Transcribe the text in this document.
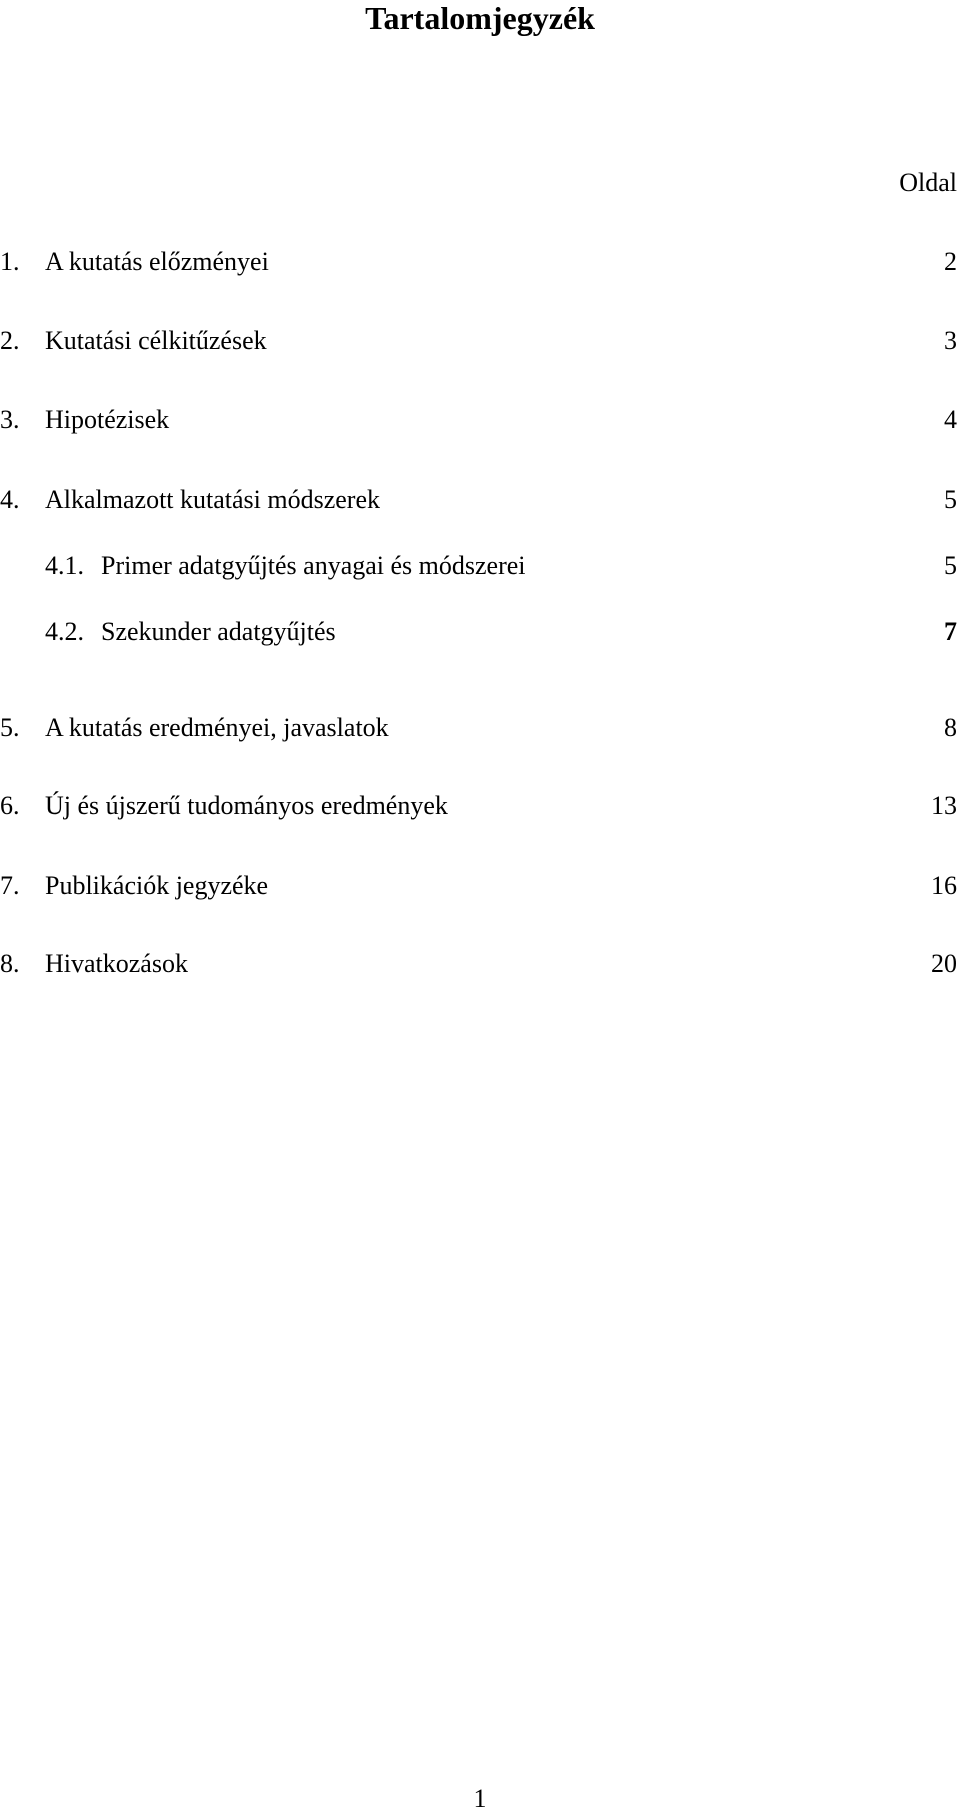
Tartalomjegyzék
Oldal
1. A kutatás előzményei	2
2. Kutatási célkitűzések	3
3. Hipotézisek	4
4. Alkalmazott kutatási módszerek	5
4.1. Primer adatgyűjtés anyagai és módszerei	5
4.2. Szekunder adatgyűjtés	7
5. A kutatás eredményei, javaslatok	8
6. Új és újszerű tudományos eredmények	13
7. Publikációk jegyzéke	16
8. Hivatkozások	20
1
